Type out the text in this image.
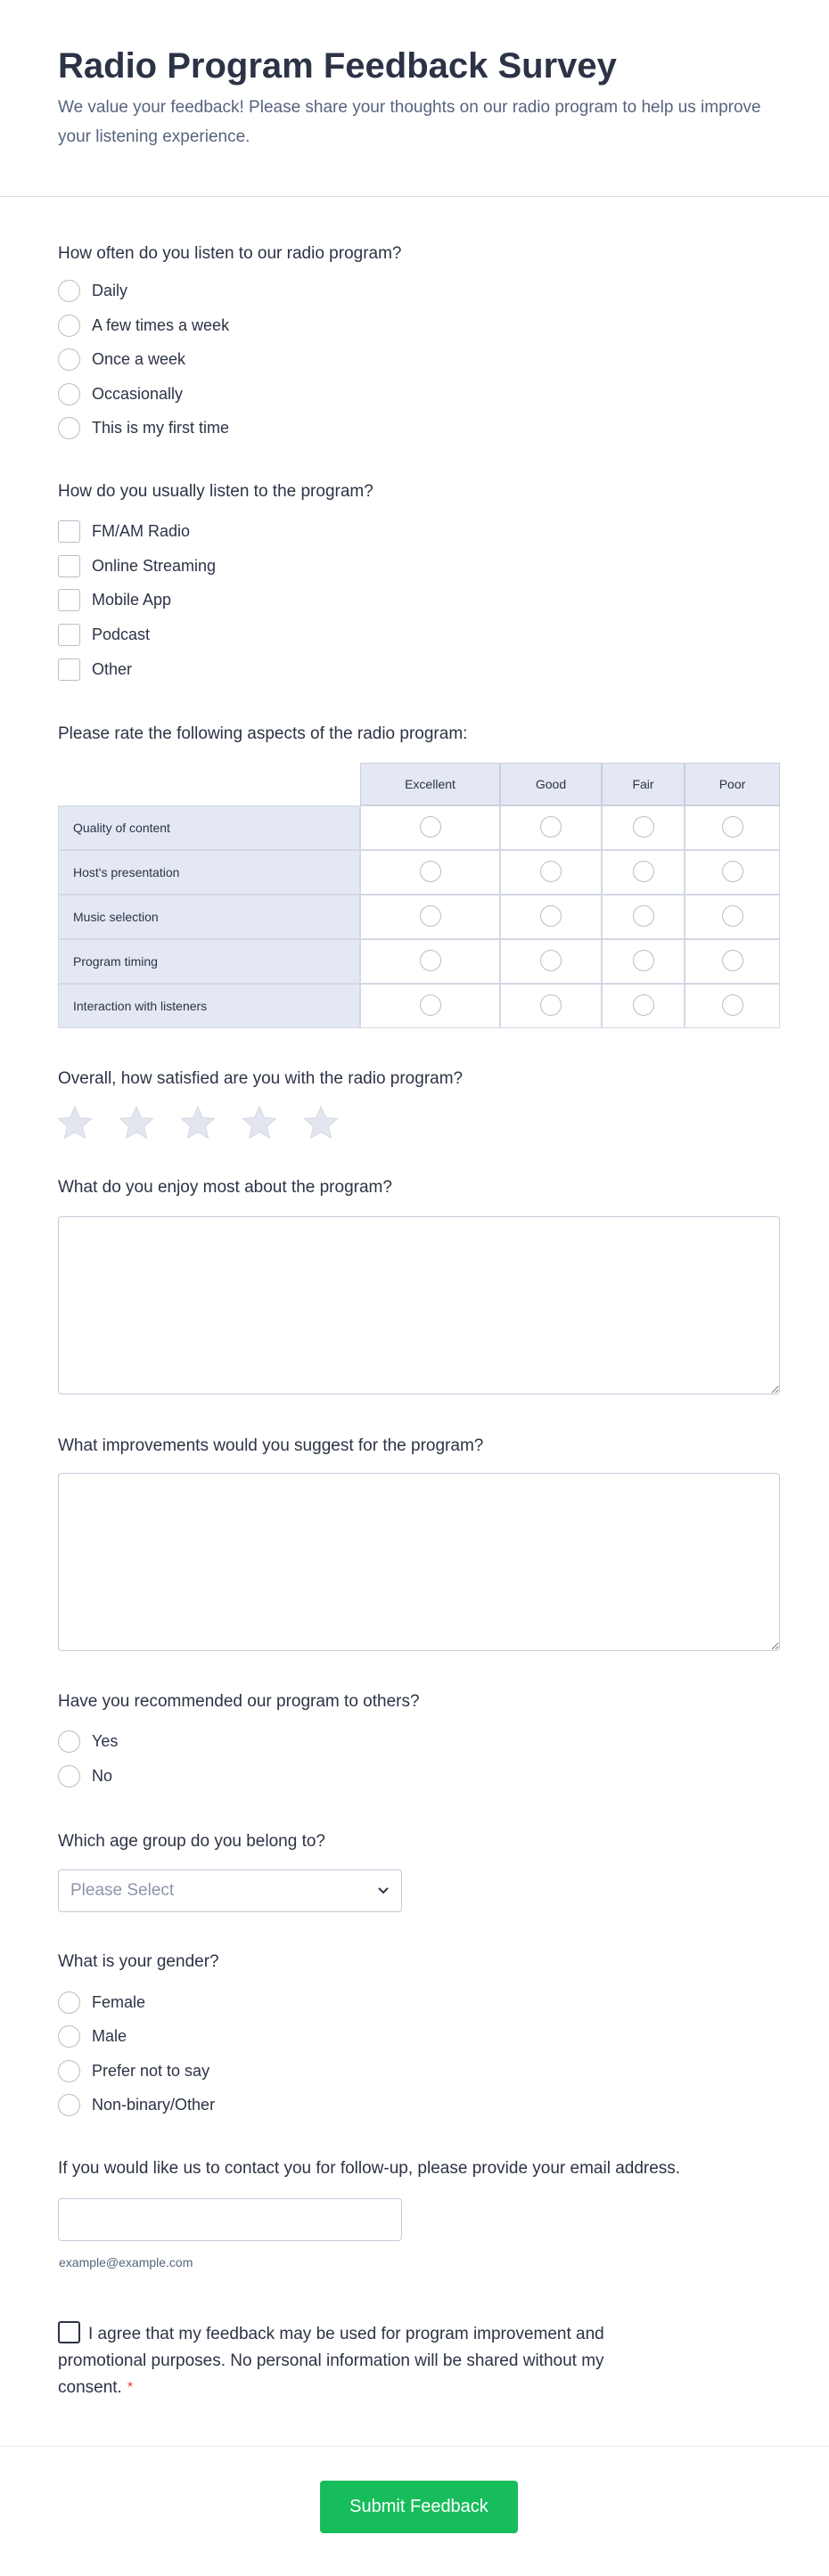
Radio Program Feedback Survey

We value your feedback! Please share your thoughts on our radio program to help us improve your listening experience.

How often do you listen to our radio program?
Daily
A few times a week
Once a week
Occasionally
This is my first time
How do you usually listen to the program?
FM/AM Radio
Online Streaming
Mobile App
Podcast
Other
Please rate the following aspects of the radio program:
	Excellent	Good	Fair	Poor
Quality of content				
Host's presentation				
Music selection				
Program timing				
Interaction with listeners				
Overall, how satisfied are you with the radio program?
What do you enjoy most about the program?
What improvements would you suggest for the program?
Have you recommended our program to others?
Yes
No
Which age group do you belong to?
Please Select
What is your gender?
Female
Male
Prefer not to say
Non-binary/Other
If you would like us to contact you for follow-up, please provide your email address.
example@example.com
I agree that my feedback may be used for program improvement and promotional purposes. No personal information will be shared without my consent. *
Submit Feedback
